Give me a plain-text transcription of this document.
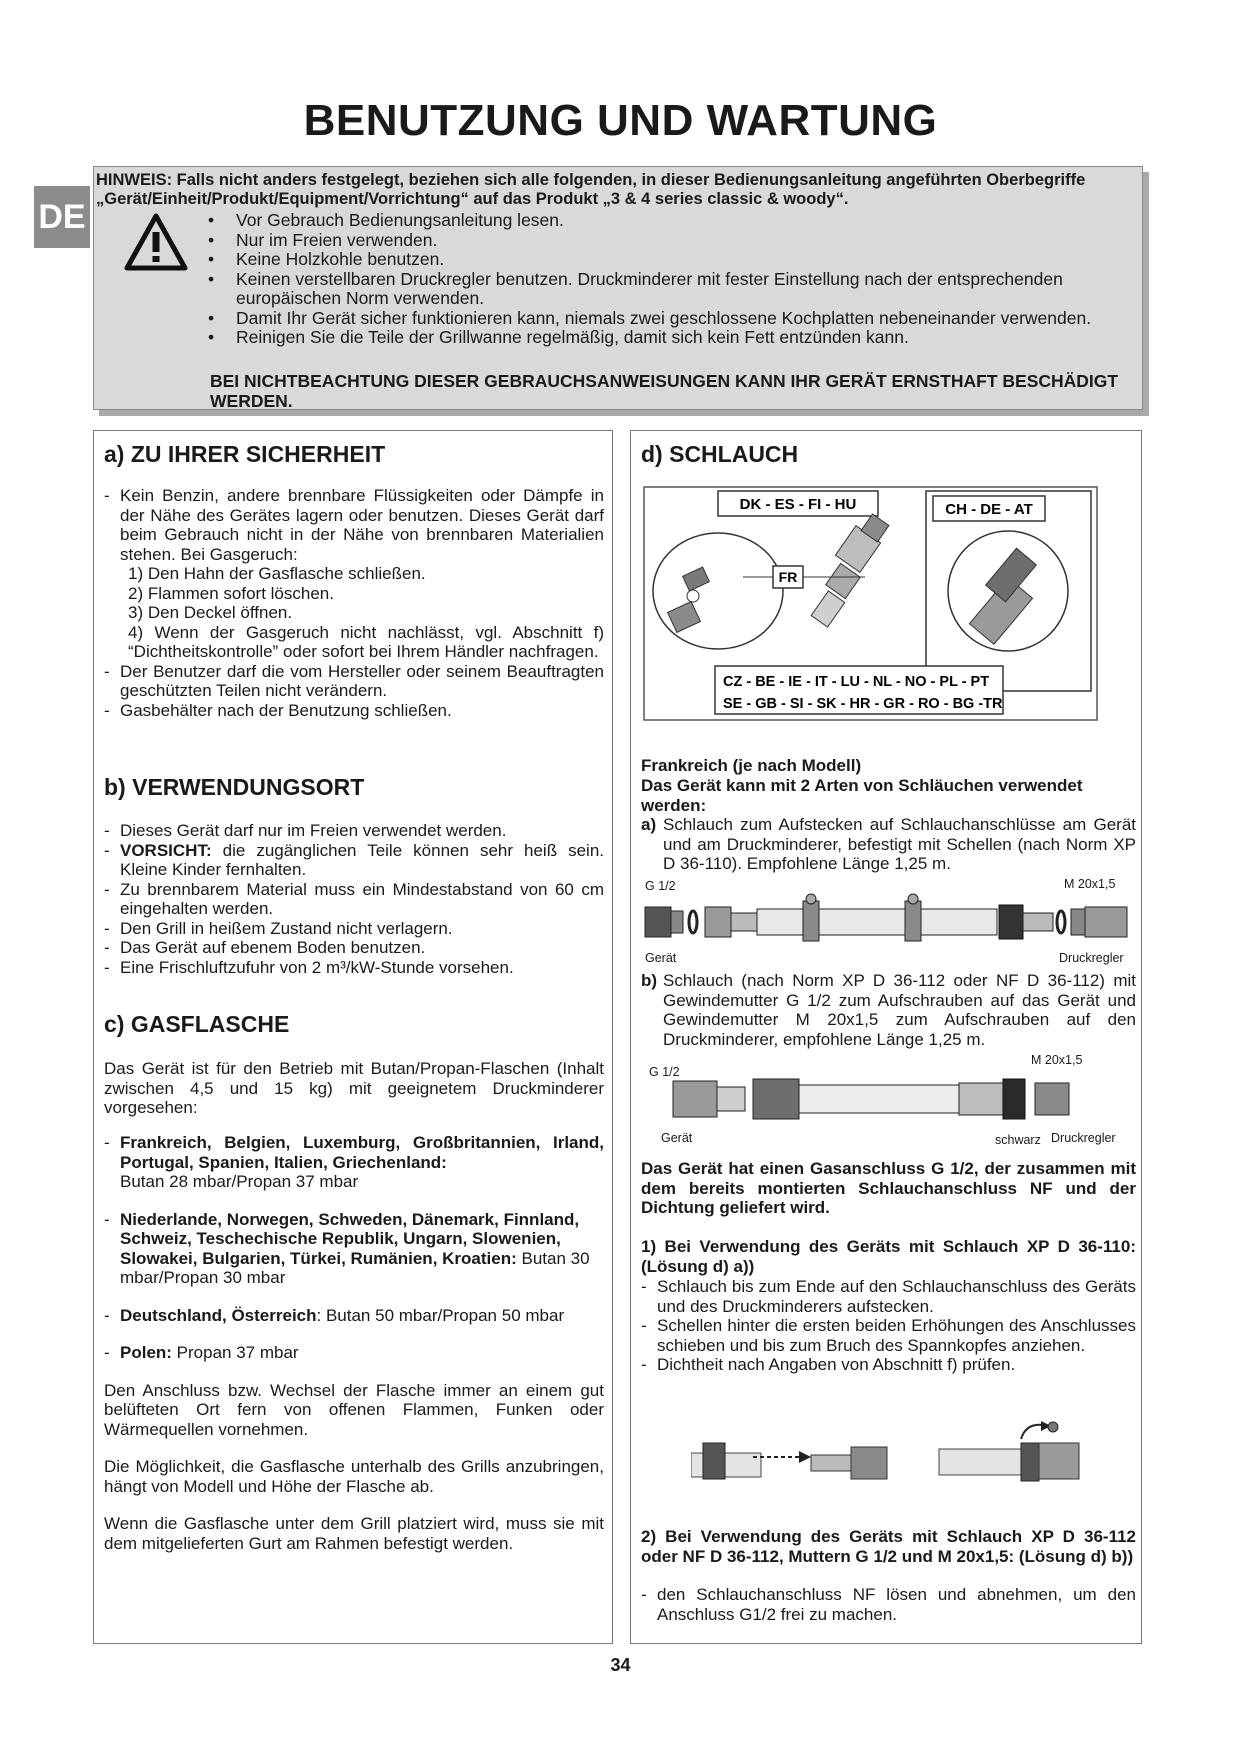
BENUTZUNG UND WARTUNG
DE
HINWEIS: Falls nicht anders festgelegt, beziehen sich alle folgenden, in dieser Bedienungsanleitung angeführten Oberbegriffe „Gerät/Einheit/Produkt/Equipment/Vorrichtung“ auf das Produkt „3 & 4 series classic & woody“.
• Vor Gebrauch Bedienungsanleitung lesen.
• Nur im Freien verwenden.
• Keine Holzkohle benutzen.
• Keinen verstellbaren Druckregler benutzen. Druckminderer mit fester Einstellung nach der entsprechenden europäischen Norm verwenden.
• Damit Ihr Gerät sicher funktionieren kann, niemals zwei geschlossene Kochplatten nebeneinander verwenden.
• Reinigen Sie die Teile der Grillwanne regelmäßig, damit sich kein Fett entzünden kann.
BEI NICHTBEACHTUNG DIESER GEBRAUCHSANWEISUNGEN KANN IHR GERÄT ERNSTHAFT BESCHÄDIGT WERDEN.
a) ZU IHRER SICHERHEIT

- Kein Benzin, andere brennbare Flüssigkeiten oder Dämpfe in der Nähe des Gerätes lagern oder benutzen. Dieses Gerät darf beim Gebrauch nicht in der Nähe von brennbaren Materialien stehen. Bei Gasgeruch:

1) Den Hahn der Gasflasche schließen.

2) Flammen sofort löschen.

3) Den Deckel öffnen.

4) Wenn der Gasgeruch nicht nachlässt, vgl. Abschnitt f) “Dichtheitskontrolle” oder sofort bei Ihrem Händler nachfragen.

- Der Benutzer darf die vom Hersteller oder seinem Beauftragten geschützten Teilen nicht verändern.

- Gasbehälter nach der Benutzung schließen.

b) VERWENDUNGSORT

- Dieses Gerät darf nur im Freien verwendet werden.

- VORSICHT: die zugänglichen Teile können sehr heiß sein. Kleine Kinder fernhalten.

- Zu brennbarem Material muss ein Mindestabstand von 60 cm eingehalten werden.

- Den Grill in heißem Zustand nicht verlagern.

- Das Gerät auf ebenem Boden benutzen.

- Eine Frischluftzufuhr von 2 m³/kW-Stunde vorsehen.

c) GASFLASCHE
Das Gerät ist für den Betrieb mit Butan/Propan-Flaschen (Inhalt zwischen 4,5 und 15 kg) mit geeignetem Druckminderer vorgesehen:

- Frankreich, Belgien, Luxemburg, Großbritannien, Irland, Portugal, Spanien, Italien, Griechenland:
Butan 28 mbar/Propan 37 mbar

- Niederlande, Norwegen, Schweden, Dänemark, Finnland, Schweiz, Teschechische Republik, Ungarn, Slowenien, Slowakei, Bulgarien, Türkei, Rumänien, Kroatien: Butan 30 mbar/Propan 30 mbar

- Deutschland, Österreich: Butan 50 mbar/Propan 50 mbar

- Polen: Propan 37 mbar

Den Anschluss bzw. Wechsel der Flasche immer an einem gut belüfteten Ort fern von offenen Flammen, Funken oder Wärmequellen vornehmen.

Die Möglichkeit, die Gasflasche unterhalb des Grills anzubringen, hängt von Modell und Höhe der Flasche ab.

Wenn die Gasflasche unter dem Grill platziert wird, muss sie mit dem mitgelieferten Gurt am Rahmen befestigt werden.

d) SCHLAUCH
DK - ES - FI - HU	CH - DE - AT
FR
CZ - BE - IE - IT - LU - NL - NO - PL - PT
SE - GB - SI - SK - HR - GR - RO - BG -TR
Frankreich (je nach Modell)
Das Gerät kann mit 2 Arten von Schläuchen verwendet werden:
a) Schlauch zum Aufstecken auf Schlauchanschlüsse am Gerät und am Druckminderer, befestigt mit Schellen (nach Norm XP D 36-110). Empfohlene Länge 1,25 m.
G 1/2	M 20x1,5
Gerät	Druckregler
b) Schlauch (nach Norm XP D 36-112 oder NF D 36-112) mit Gewindemutter G 1/2 zum Aufschrauben auf das Gerät und Gewindemutter M 20x1,5 zum Aufschrauben auf den Druckminderer, empfohlene Länge 1,25 m.
M 20x1,5
G 1/2
Gerät	schwarz Druckregler
Das Gerät hat einen Gasanschluss G 1/2, der zusammen mit dem bereits montierten Schlauchanschluss NF und der Dichtung geliefert wird.
1) Bei Verwendung des Geräts mit Schlauch XP D 36-110: (Lösung d) a))

- Schlauch bis zum Ende auf den Schlauchanschluss des Geräts und des Druckminderers aufstecken.

- Schellen hinter die ersten beiden Erhöhungen des Anschlusses schieben und bis zum Bruch des Spannkopfes anziehen.

- Dichtheit nach Angaben von Abschnitt f) prüfen.

2) Bei Verwendung des Geräts mit Schlauch XP D 36-112 oder NF D 36-112, Muttern G 1/2 und M 20x1,5: (Lösung d) b))

- den Schlauchanschluss NF lösen und abnehmen, um den Anschluss G1/2 frei zu machen.

34
